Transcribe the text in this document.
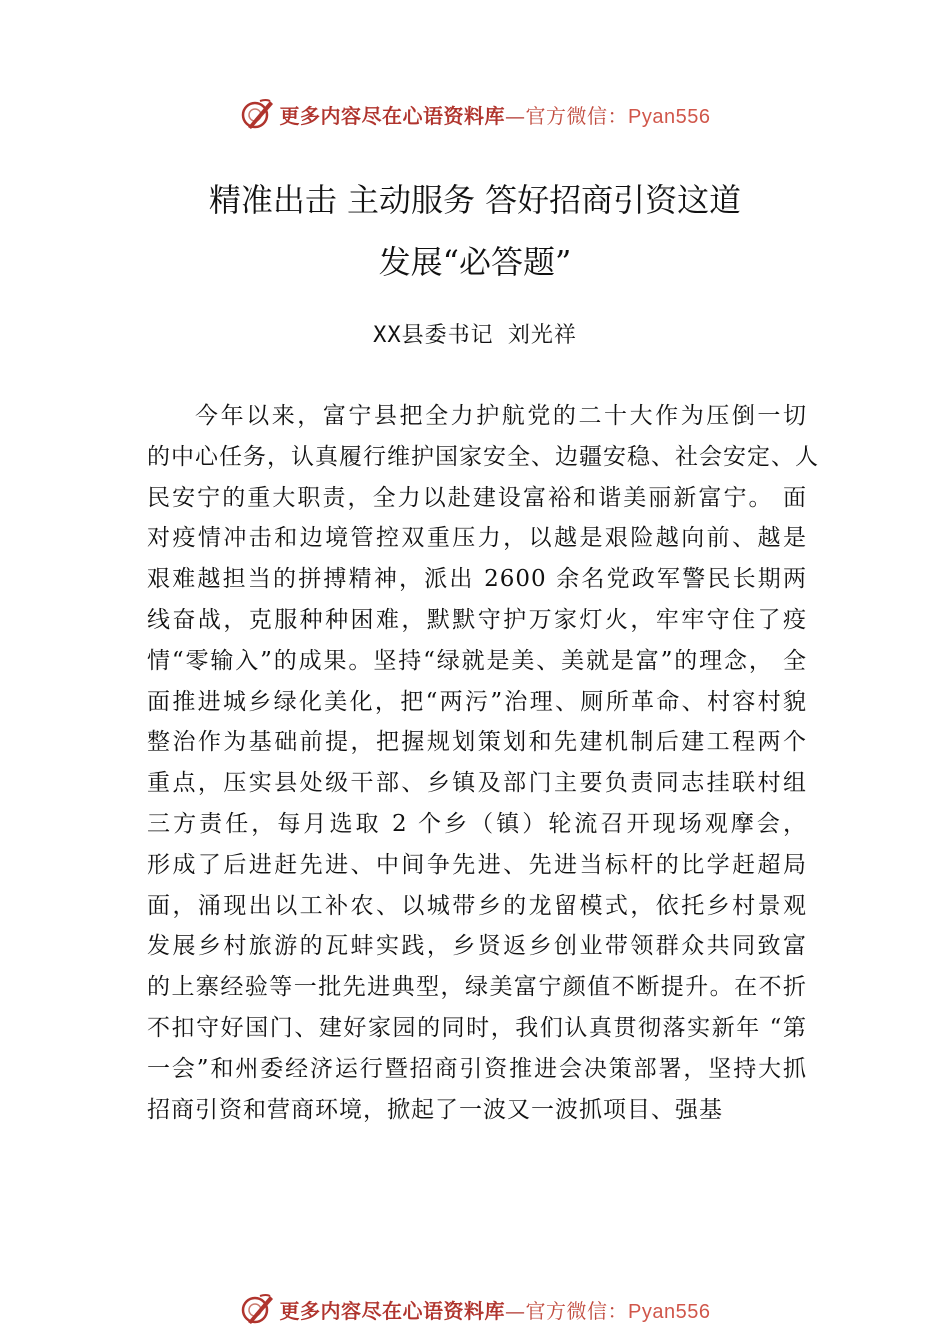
更多内容尽在心语资料库—官方微信：Pyan556
精准出击 主动服务 答好招商引资这道
发展“必答题”
XX县委书记 刘光祥
今年以来，富宁县把全力护航党的二十大作为压倒一切
的中心任务，认真履行维护国家安全、边疆安稳、社会安定、人
民安宁的重大职责，全力以赴建设富裕和谐美丽新富宁。 面
对疫情冲击和边境管控双重压力，以越是艰险越向前、越是
艰难越担当的拼搏精神，派出 2600 余名党政军警民长期两
线奋战，克服种种困难，默默守护万家灯火，牢牢守住了疫
情“零输入”的成果。坚持“绿就是美、美就是富”的理念， 全
面推进城乡绿化美化，把“两污”治理、厕所革命、村容村貌
整治作为基础前提，把握规划策划和先建机制后建工程两个
重点，压实县处级干部、乡镇及部门主要负责同志挂联村组
三方责任，每月选取 2 个乡（镇）轮流召开现场观摩会，
形成了后进赶先进、中间争先进、先进当标杆的比学赶超局
面，涌现出以工补农、以城带乡的龙留模式，依托乡村景观
发展乡村旅游的瓦蚌实践，乡贤返乡创业带领群众共同致富
的上寨经验等一批先进典型，绿美富宁颜值不断提升。在不折
不扣守好国门、建好家园的同时，我们认真贯彻落实新年 “第
一会”和州委经济运行暨招商引资推进会决策部署，坚持大抓
招商引资和营商环境，掀起了一波又一波抓项目、强基
更多内容尽在心语资料库—官方微信：Pyan556
